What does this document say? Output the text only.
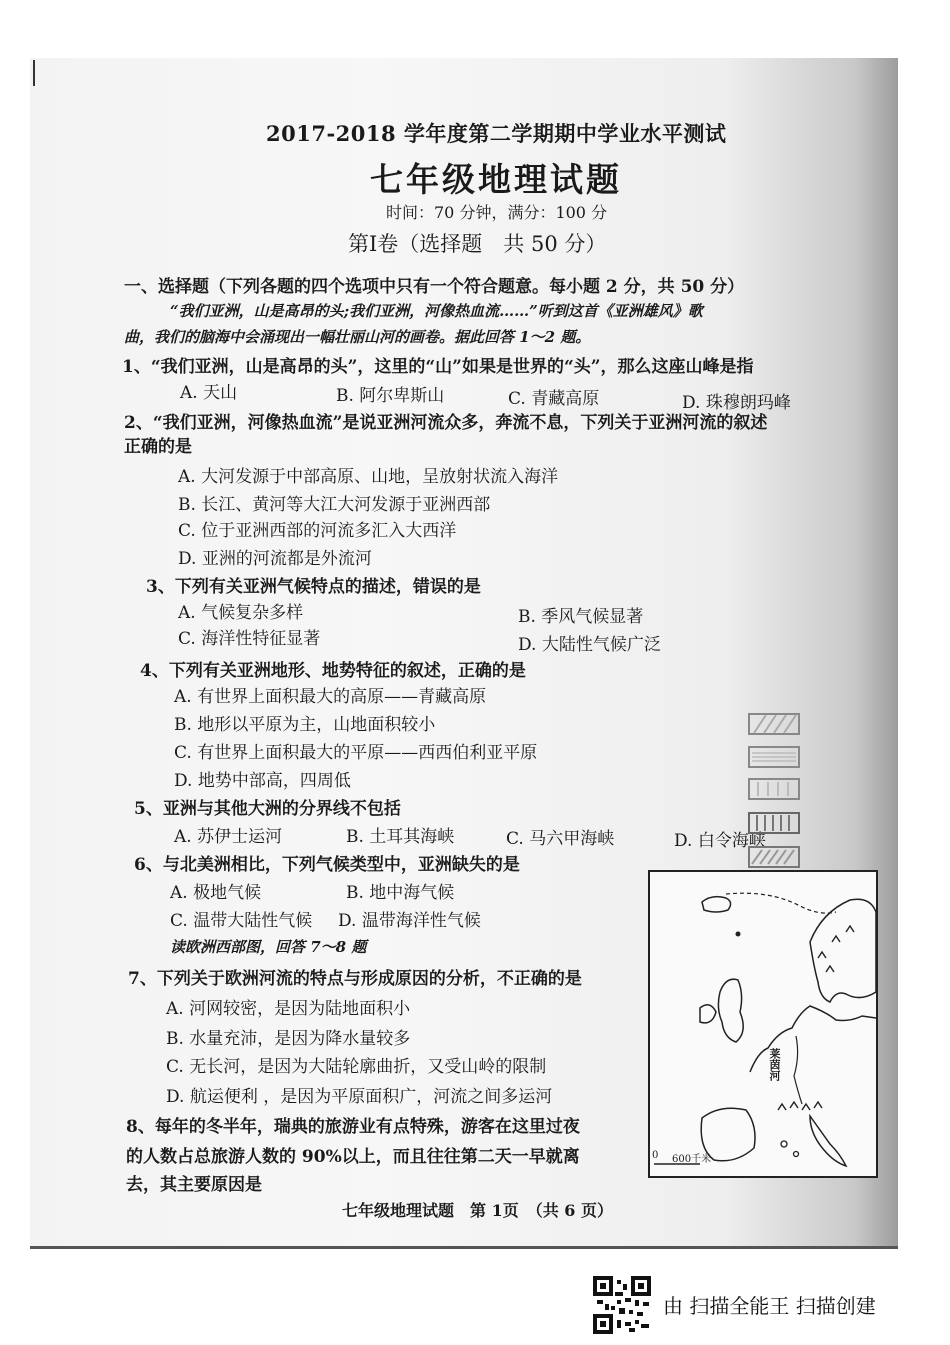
2017-2018 学年度第二学期期中学业水平测试
七年级地理试题
时间：70 分钟，满分：100 分
第Ⅰ卷（选择题　共 50 分）
一、选择题（下列各题的四个选项中只有一个符合题意。每小题 2 分，共 50 分）
“我们亚洲，山是高昂的头;我们亚洲，河像热血流……”听到这首《亚洲雄风》歌
曲，我们的脑海中会涌现出一幅壮丽山河的画卷。据此回答 1～2 题。
1、“我们亚洲，山是高昂的头”，这里的“山”如果是世界的“头”，那么这座山峰是指
A. 天山	B. 阿尔卑斯山	C. 青藏高原	D. 珠穆朗玛峰
2、“我们亚洲，河像热血流”是说亚洲河流众多，奔流不息，下列关于亚洲河流的叙述
正确的是
A. 大河发源于中部高原、山地，呈放射状流入海洋
B. 长江、黄河等大江大河发源于亚洲西部
C. 位于亚洲西部的河流多汇入大西洋
D. 亚洲的河流都是外流河
3、下列有关亚洲气候特点的描述，错误的是
A. 气候复杂多样	B. 季风气候显著
C. 海洋性特征显著	D. 大陆性气候广泛
4、下列有关亚洲地形、地势特征的叙述，正确的是
A. 有世界上面积最大的高原——青藏高原
B. 地形以平原为主，山地面积较小
C. 有世界上面积最大的平原——西西伯利亚平原
D. 地势中部高，四周低
5、亚洲与其他大洲的分界线不包括
A. 苏伊士运河	B. 土耳其海峡	C. 马六甲海峡	D. 白令海峡
6、与北美洲相比，下列气候类型中，亚洲缺失的是
A. 极地气候	B. 地中海气候
C. 温带大陆性气候 D. 温带海洋性气候
读欧洲西部图，回答 7～8 题
7、下列关于欧洲河流的特点与形成原因的分析，不正确的是
A. 河网较密，是因为陆地面积小
B. 水量充沛，是因为降水量较多
C. 无长河，是因为大陆轮廓曲折，又受山岭的限制
D. 航运便利 ，是因为平原面积广，河流之间多运河
8、每年的冬半年，瑞典的旅游业有点特殊，游客在这里过夜
的人数占总旅游人数的 90%以上，而且往往第二天一早就离
去，其主要原因是
莱茵河
0 600千米
七年级地理试题　第 1页　（共 6 页）
由 扫描全能王 扫描创建
